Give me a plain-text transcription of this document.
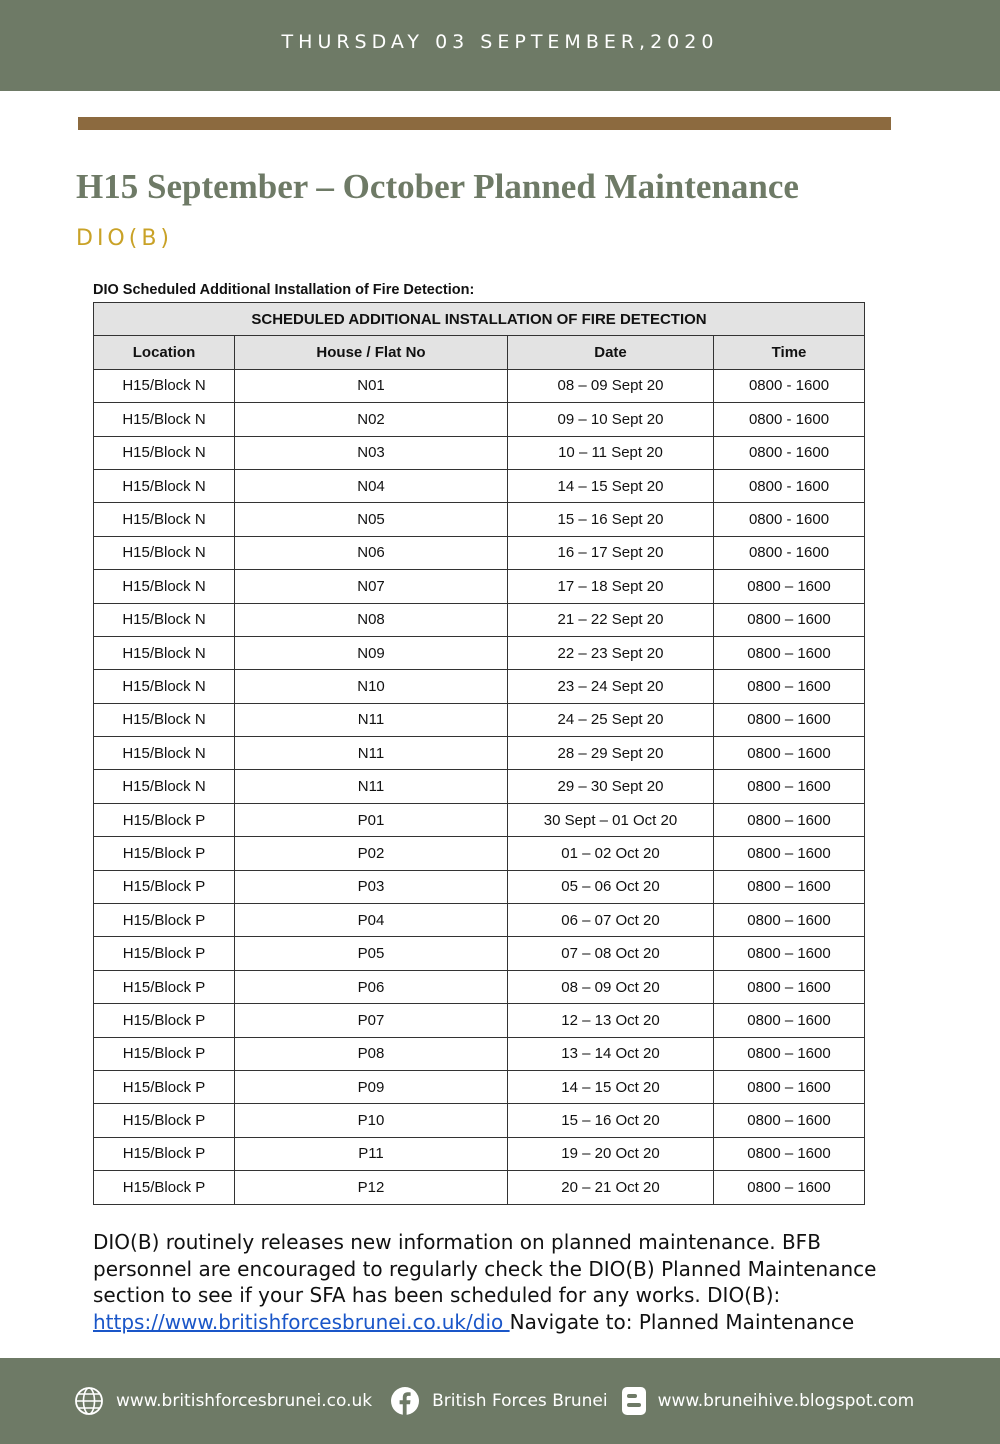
THURSDAY 03 SEPTEMBER,2020
H15 September – October Planned Maintenance
DIO(B)
DIO Scheduled Additional Installation of Fire Detection:
SCHEDULED ADDITIONAL INSTALLATION OF FIRE DETECTION			
Location	House / Flat No	Date	Time
H15/Block N	N01	08 – 09 Sept 20	0800 - 1600
H15/Block N	N02	09 – 10 Sept 20	0800 - 1600
H15/Block N	N03	10 – 11 Sept 20	0800 - 1600
H15/Block N	N04	14 – 15 Sept 20	0800 - 1600
H15/Block N	N05	15 – 16 Sept 20	0800 - 1600
H15/Block N	N06	16 – 17 Sept 20	0800 - 1600
H15/Block N	N07	17 – 18 Sept 20	0800 – 1600
H15/Block N	N08	21 – 22 Sept 20	0800 – 1600
H15/Block N	N09	22 – 23 Sept 20	0800 – 1600
H15/Block N	N10	23 – 24 Sept 20	0800 – 1600
H15/Block N	N11	24 – 25 Sept 20	0800 – 1600
H15/Block N	N11	28 – 29 Sept 20	0800 – 1600
H15/Block N	N11	29 – 30 Sept 20	0800 – 1600
H15/Block P	P01	30 Sept – 01 Oct 20	0800 – 1600
H15/Block P	P02	01 – 02 Oct 20	0800 – 1600
H15/Block P	P03	05 – 06 Oct 20	0800 – 1600
H15/Block P	P04	06 – 07 Oct 20	0800 – 1600
H15/Block P	P05	07 – 08 Oct 20	0800 – 1600
H15/Block P	P06	08 – 09 Oct 20	0800 – 1600
H15/Block P	P07	12 – 13 Oct 20	0800 – 1600
H15/Block P	P08	13 – 14 Oct 20	0800 – 1600
H15/Block P	P09	14 – 15 Oct 20	0800 – 1600
H15/Block P	P10	15 – 16 Oct 20	0800 – 1600
H15/Block P	P11	19 – 20 Oct 20	0800 – 1600
H15/Block P	P12	20 – 21 Oct 20	0800 – 1600
DIO(B) routinely releases new information on planned maintenance. BFB personnel are encouraged to regularly check the DIO(B) Planned Maintenance section to see if your SFA has been scheduled for any works. DIO(B): https://www.britishforcesbrunei.co.uk/dio Navigate to: Planned Maintenance
www.britishforcesbrunei.co.uk	British Forces Brunei	www.bruneihive.blogspot.com
